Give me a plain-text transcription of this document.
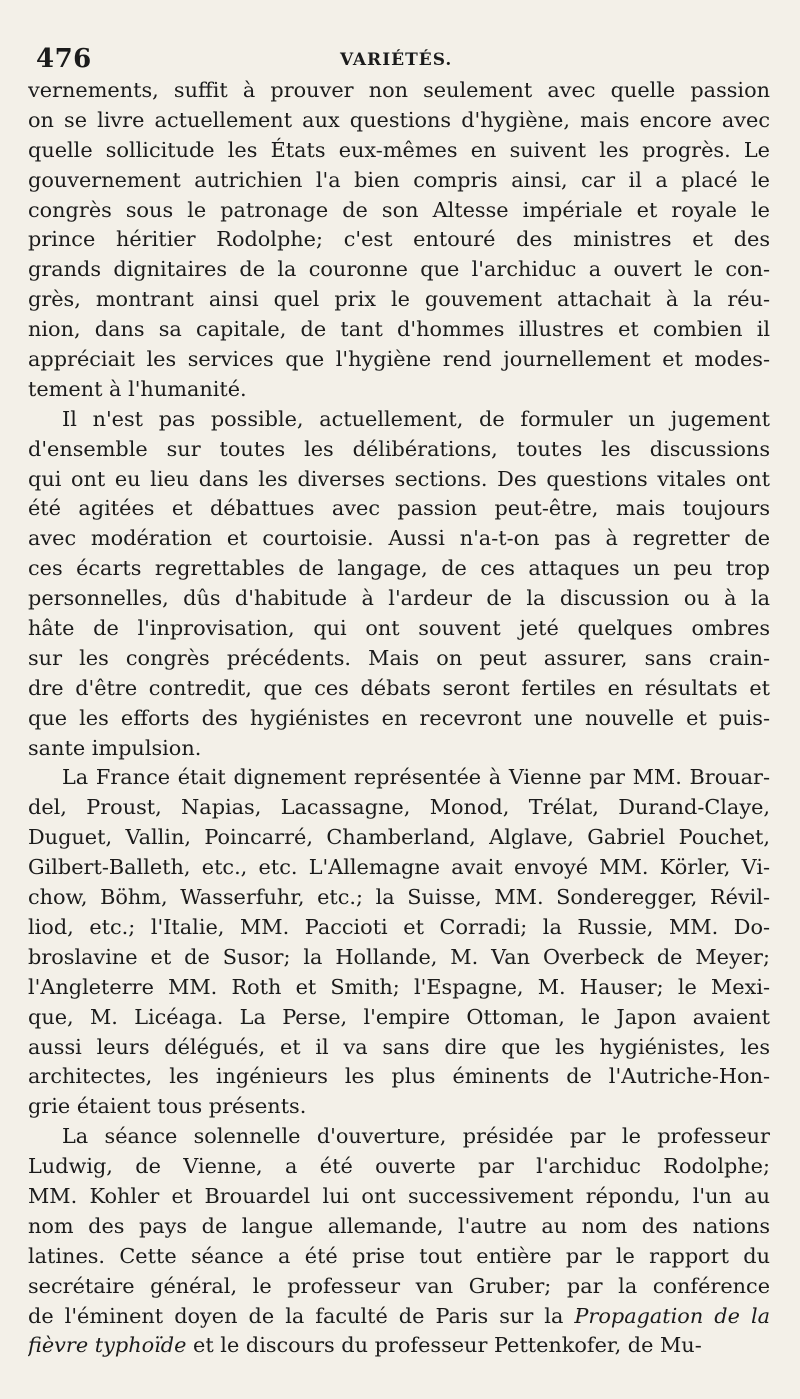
476	VARIÉTÉS.
vernements, suffit à prouver non seulement avec quelle passion
on se livre actuellement aux questions d'hygiène, mais encore avec
quelle sollicitude les États eux-mêmes en suivent les progrès. Le
gouvernement autrichien l'a bien compris ainsi, car il a placé le
congrès sous le patronage de son Altesse impériale et royale le
prince héritier Rodolphe; c'est entouré des ministres et des
grands dignitaires de la couronne que l'archiduc a ouvert le con-
grès, montrant ainsi quel prix le gouvement attachait à la réu-
nion, dans sa capitale, de tant d'hommes illustres et combien il
appréciait les services que l'hygiène rend journellement et modes-
tement à l'humanité.
Il n'est pas possible, actuellement, de formuler un jugement
d'ensemble sur toutes les délibérations, toutes les discussions
qui ont eu lieu dans les diverses sections. Des questions vitales ont
été agitées et débattues avec passion peut-être, mais toujours
avec modération et courtoisie. Aussi n'a-t-on pas à regretter de
ces écarts regrettables de langage, de ces attaques un peu trop
personnelles, dûs d'habitude à l'ardeur de la discussion ou à la
hâte de l'inprovisation, qui ont souvent jeté quelques ombres
sur les congrès précédents. Mais on peut assurer, sans crain-
dre d'être contredit, que ces débats seront fertiles en résultats et
que les efforts des hygiénistes en recevront une nouvelle et puis-
sante impulsion.
La France était dignement représentée à Vienne par MM. Brouar-
del, Proust, Napias, Lacassagne, Monod, Trélat, Durand-Claye,
Duguet, Vallin, Poincarré, Chamberland, Alglave, Gabriel Pouchet,
Gilbert-Balleth, etc., etc. L'Allemagne avait envoyé MM. Körler, Vi-
chow, Böhm, Wasserfuhr, etc.; la Suisse, MM. Sonderegger, Révil-
liod, etc.; l'Italie, MM. Paccioti et Corradi; la Russie, MM. Do-
broslavine et de Susor; la Hollande, M. Van Overbeck de Meyer;
l'Angleterre MM. Roth et Smith; l'Espagne, M. Hauser; le Mexi-
que, M. Licéaga. La Perse, l'empire Ottoman, le Japon avaient
aussi leurs délégués, et il va sans dire que les hygiénistes, les
architectes, les ingénieurs les plus éminents de l'Autriche-Hon-
grie étaient tous présents.
La séance solennelle d'ouverture, présidée par le professeur
Ludwig, de Vienne, a été ouverte par l'archiduc Rodolphe;
MM. Kohler et Brouardel lui ont successivement répondu, l'un au
nom des pays de langue allemande, l'autre au nom des nations
latines. Cette séance a été prise tout entière par le rapport du
secrétaire général, le professeur van Gruber; par la conférence
de l'éminent doyen de la faculté de Paris sur la Propagation de la
fièvre typhoïde et le discours du professeur Pettenkofer, de Mu-
